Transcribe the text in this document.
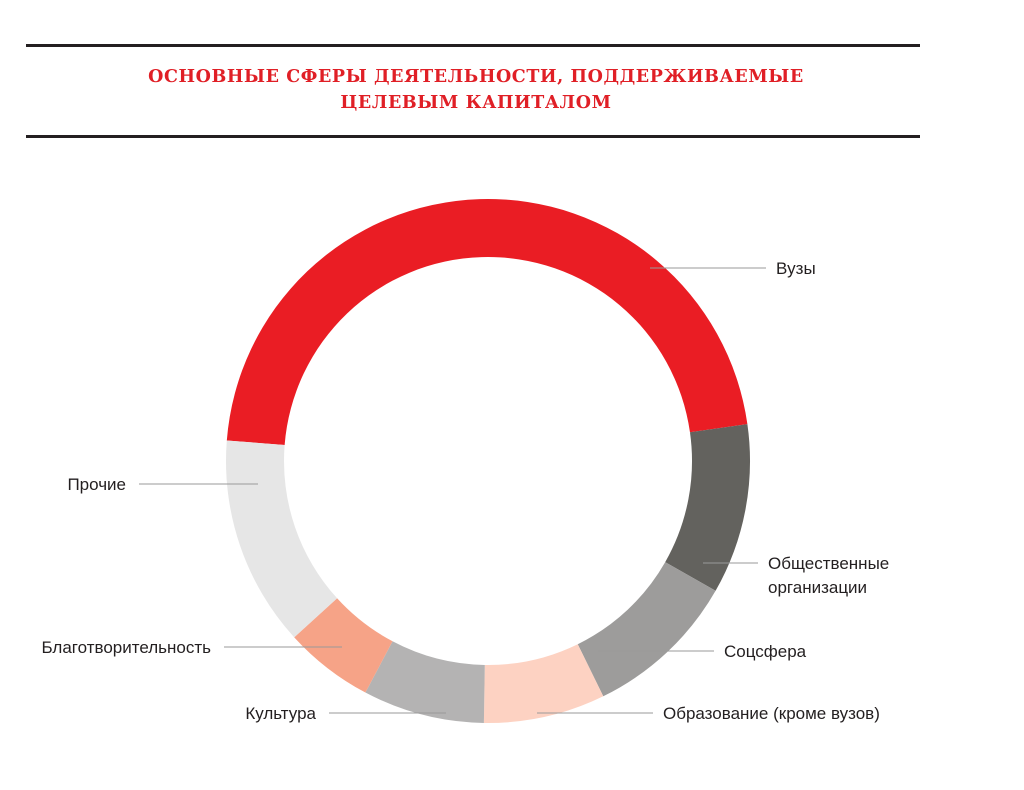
ОСНОВНЫЕ СФЕРЫ ДЕЯТЕЛЬНОСТИ, ПОДДЕРЖИВАЕМЫЕ
ЦЕЛЕВЫМ КАПИТАЛОМ
Вузы
Общественные организации
Соцсфера
Образование (кроме вузов)
Культура
Благотворительность
Прочие
